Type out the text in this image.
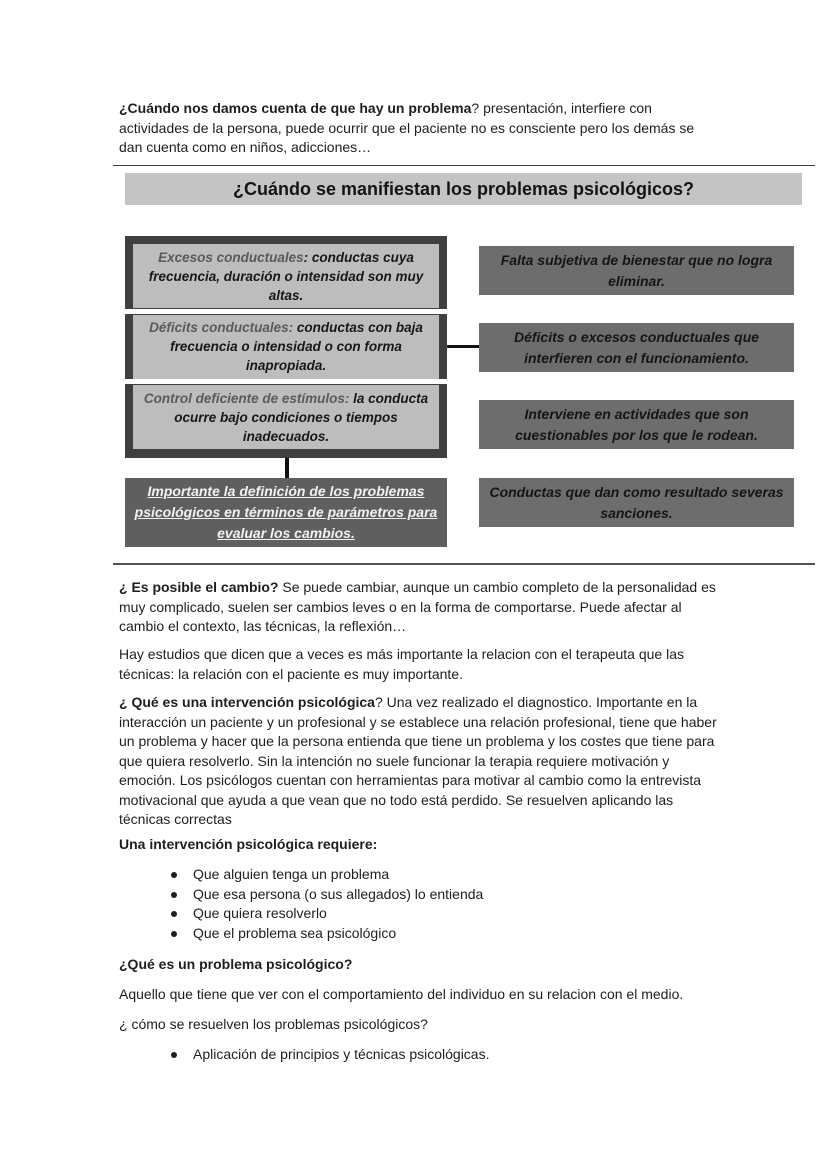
¿Cuándo nos damos cuenta de que hay un problema? presentación, interfiere con actividades de la persona, puede ocurrir que el paciente no es consciente pero los demás se dan cuenta como en niños, adicciones…

¿Cuándo se manifiestan los problemas psicológicos?
Excesos conductuales: conductas cuya frecuencia, duración o intensidad son muy altas.
Déficits conductuales: conductas con baja frecuencia o intensidad o con forma inapropiada.
Control deficiente de estímulos: la conducta ocurre bajo condiciones o tiempos inadecuados.
Importante la definición de los problemas psicológicos en términos de parámetros para evaluar los cambios.
Falta subjetiva de bienestar que no logra eliminar.
Déficits o excesos conductuales que interfieren con el funcionamiento.
Interviene en actividades que son cuestionables por los que le rodean.
Conductas que dan como resultado severas sanciones.

¿ Es posible el cambio? Se puede cambiar, aunque un cambio completo de la personalidad es muy complicado, suelen ser cambios leves o en la forma de comportarse. Puede afectar al cambio el contexto, las técnicas, la reflexión…

Hay estudios que dicen que a veces es más importante la relacion con el terapeuta que las técnicas: la relación con el paciente es muy importante.

¿ Qué es una intervención psicológica? Una vez realizado el diagnostico. Importante en la interacción un paciente y un profesional y se establece una relación profesional, tiene que haber un problema y hacer que la persona entienda que tiene un problema y los costes que tiene para que quiera resolverlo. Sin la intención no suele funcionar la terapia requiere motivación y emoción. Los psicólogos cuentan con herramientas para motivar al cambio como la entrevista motivacional que ayuda a que vean que no todo está perdido. Se resuelven aplicando las técnicas correctas

Una intervención psicológica requiere:

Que alguien tenga un problema
Que esa persona (o sus allegados) lo entienda
Que quiera resolverlo
Que el problema sea psicológico

¿Qué es un problema psicológico?

Aquello que tiene que ver con el comportamiento del individuo en su relacion con el medio.

¿ cómo se resuelven los problemas psicológicos?

Aplicación de principios y técnicas psicológicas.
